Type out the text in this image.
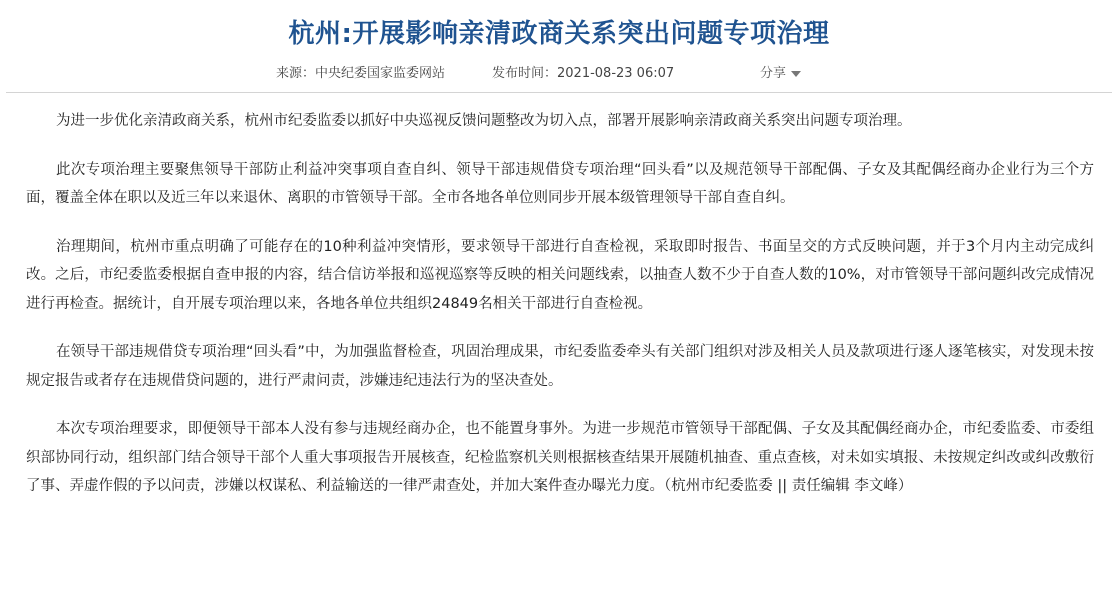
杭州:开展影响亲清政商关系突出问题专项治理
来源：中央纪委国家监委网站	发布时间：2021-08-23 06:07	分享

为进一步优化亲清政商关系，杭州市纪委监委以抓好中央巡视反馈问题整改为切入点，部署开展影响亲清政商关系突出问题专项治理。

此次专项治理主要聚焦领导干部防止利益冲突事项自查自纠、领导干部违规借贷专项治理“回头看”以及规范领导干部配偶、子女及其配偶经商办企业行为三个方面，覆盖全体在职以及近三年以来退休、离职的市管领导干部。全市各地各单位则同步开展本级管理领导干部自查自纠。

治理期间，杭州市重点明确了可能存在的10种利益冲突情形，要求领导干部进行自查检视，采取即时报告、书面呈交的方式反映问题，并于3个月内主动完成纠改。之后，市纪委监委根据自查申报的内容，结合信访举报和巡视巡察等反映的相关问题线索，以抽查人数不少于自查人数的10%，对市管领导干部问题纠改完成情况进行再检查。据统计，自开展专项治理以来，各地各单位共组织24849名相关干部进行自查检视。

在领导干部违规借贷专项治理“回头看”中，为加强监督检查，巩固治理成果，市纪委监委牵头有关部门组织对涉及相关人员及款项进行逐人逐笔核实，对发现未按规定报告或者存在违规借贷问题的，进行严肃问责，涉嫌违纪违法行为的坚决查处。

本次专项治理要求，即便领导干部本人没有参与违规经商办企，也不能置身事外。为进一步规范市管领导干部配偶、子女及其配偶经商办企，市纪委监委、市委组织部协同行动，组织部门结合领导干部个人重大事项报告开展核查，纪检监察机关则根据核查结果开展随机抽查、重点查核，对未如实填报、未按规定纠改或纠改敷衍了事、弄虚作假的予以问责，涉嫌以权谋私、利益输送的一律严肃查处，并加大案件查办曝光力度。（杭州市纪委监委 || 责任编辑 李文峰）
